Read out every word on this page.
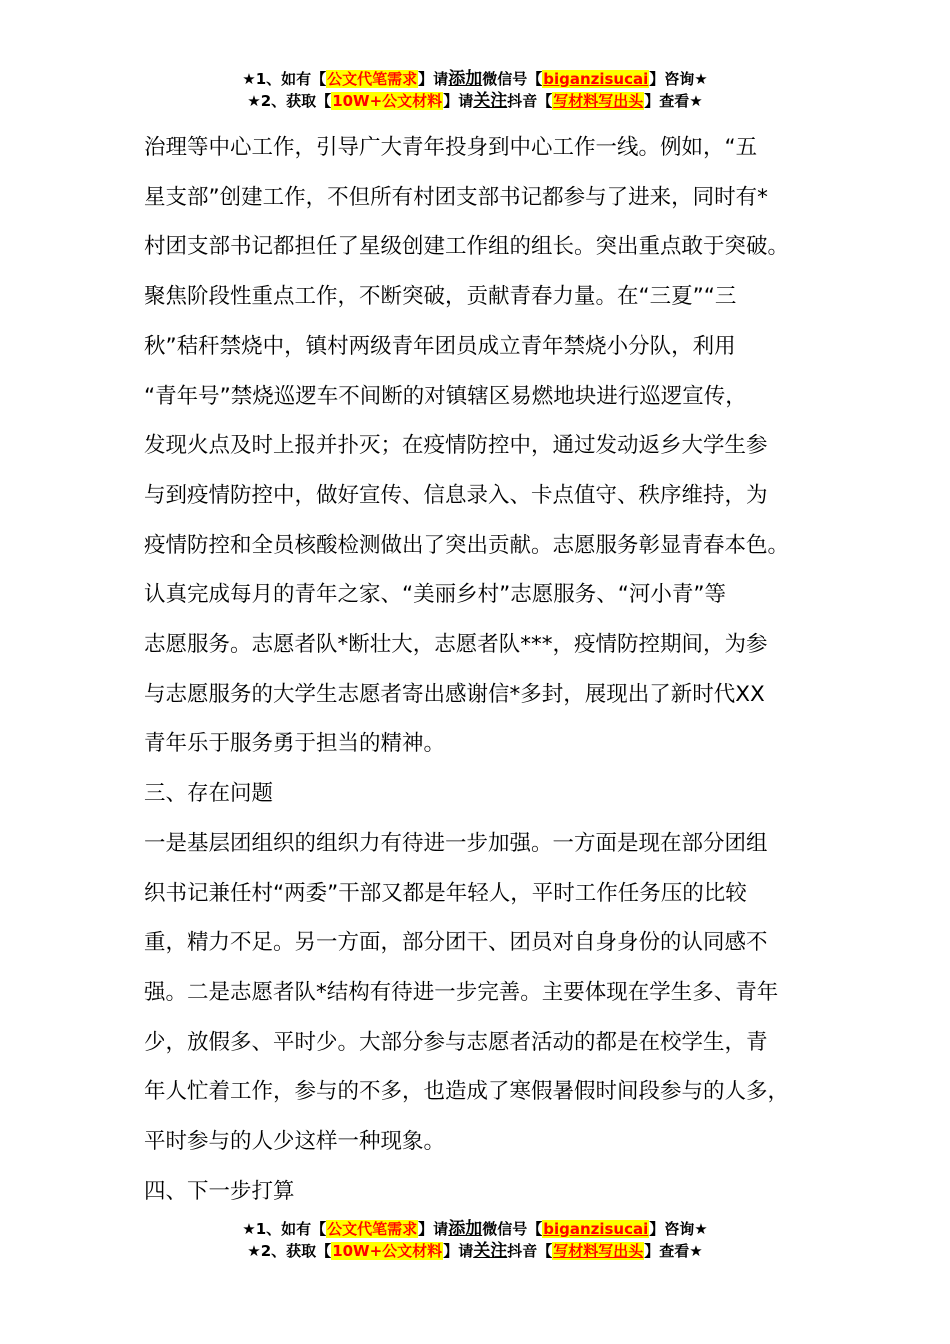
★1、如有【公文代笔需求】请添加微信号【biganzisucai】咨询★
★2、获取【10W+公文材料】请关注抖音【写材料写出头】查看★

治理等中心工作，引导广大青年投身到中心工作一线。例如，“五

星支部”创建工作，不但所有村团支部书记都参与了进来，同时有*

村团支部书记都担任了星级创建工作组的组长。突出重点敢于突破。

聚焦阶段性重点工作，不断突破，贡献青春力量。在“三夏”“三

秋”秸秆禁烧中，镇村两级青年团员成立青年禁烧小分队，利用

“青年号”禁烧巡逻车不间断的对镇辖区易燃地块进行巡逻宣传，

发现火点及时上报并扑灭；在疫情防控中，通过发动返乡大学生参

与到疫情防控中，做好宣传、信息录入、卡点值守、秩序维持，为

疫情防控和全员核酸检测做出了突出贡献。志愿服务彰显青春本色。

认真完成每月的青年之家、“美丽乡村”志愿服务、“河小青”等

志愿服务。志愿者队*断壮大，志愿者队***，疫情防控期间，为参

与志愿服务的大学生志愿者寄出感谢信*多封，展现出了新时代XX

青年乐于服务勇于担当的精神。

三、存在问题

一是基层团组织的组织力有待进一步加强。一方面是现在部分团组

织书记兼任村“两委”干部又都是年轻人，平时工作任务压的比较

重，精力不足。另一方面，部分团干、团员对自身身份的认同感不

强。二是志愿者队*结构有待进一步完善。主要体现在学生多、青年

少，放假多、平时少。大部分参与志愿者活动的都是在校学生，青

年人忙着工作，参与的不多，也造成了寒假暑假时间段参与的人多，

平时参与的人少这样一种现象。

四、下一步打算

★1、如有【公文代笔需求】请添加微信号【biganzisucai】咨询★
★2、获取【10W+公文材料】请关注抖音【写材料写出头】查看★
